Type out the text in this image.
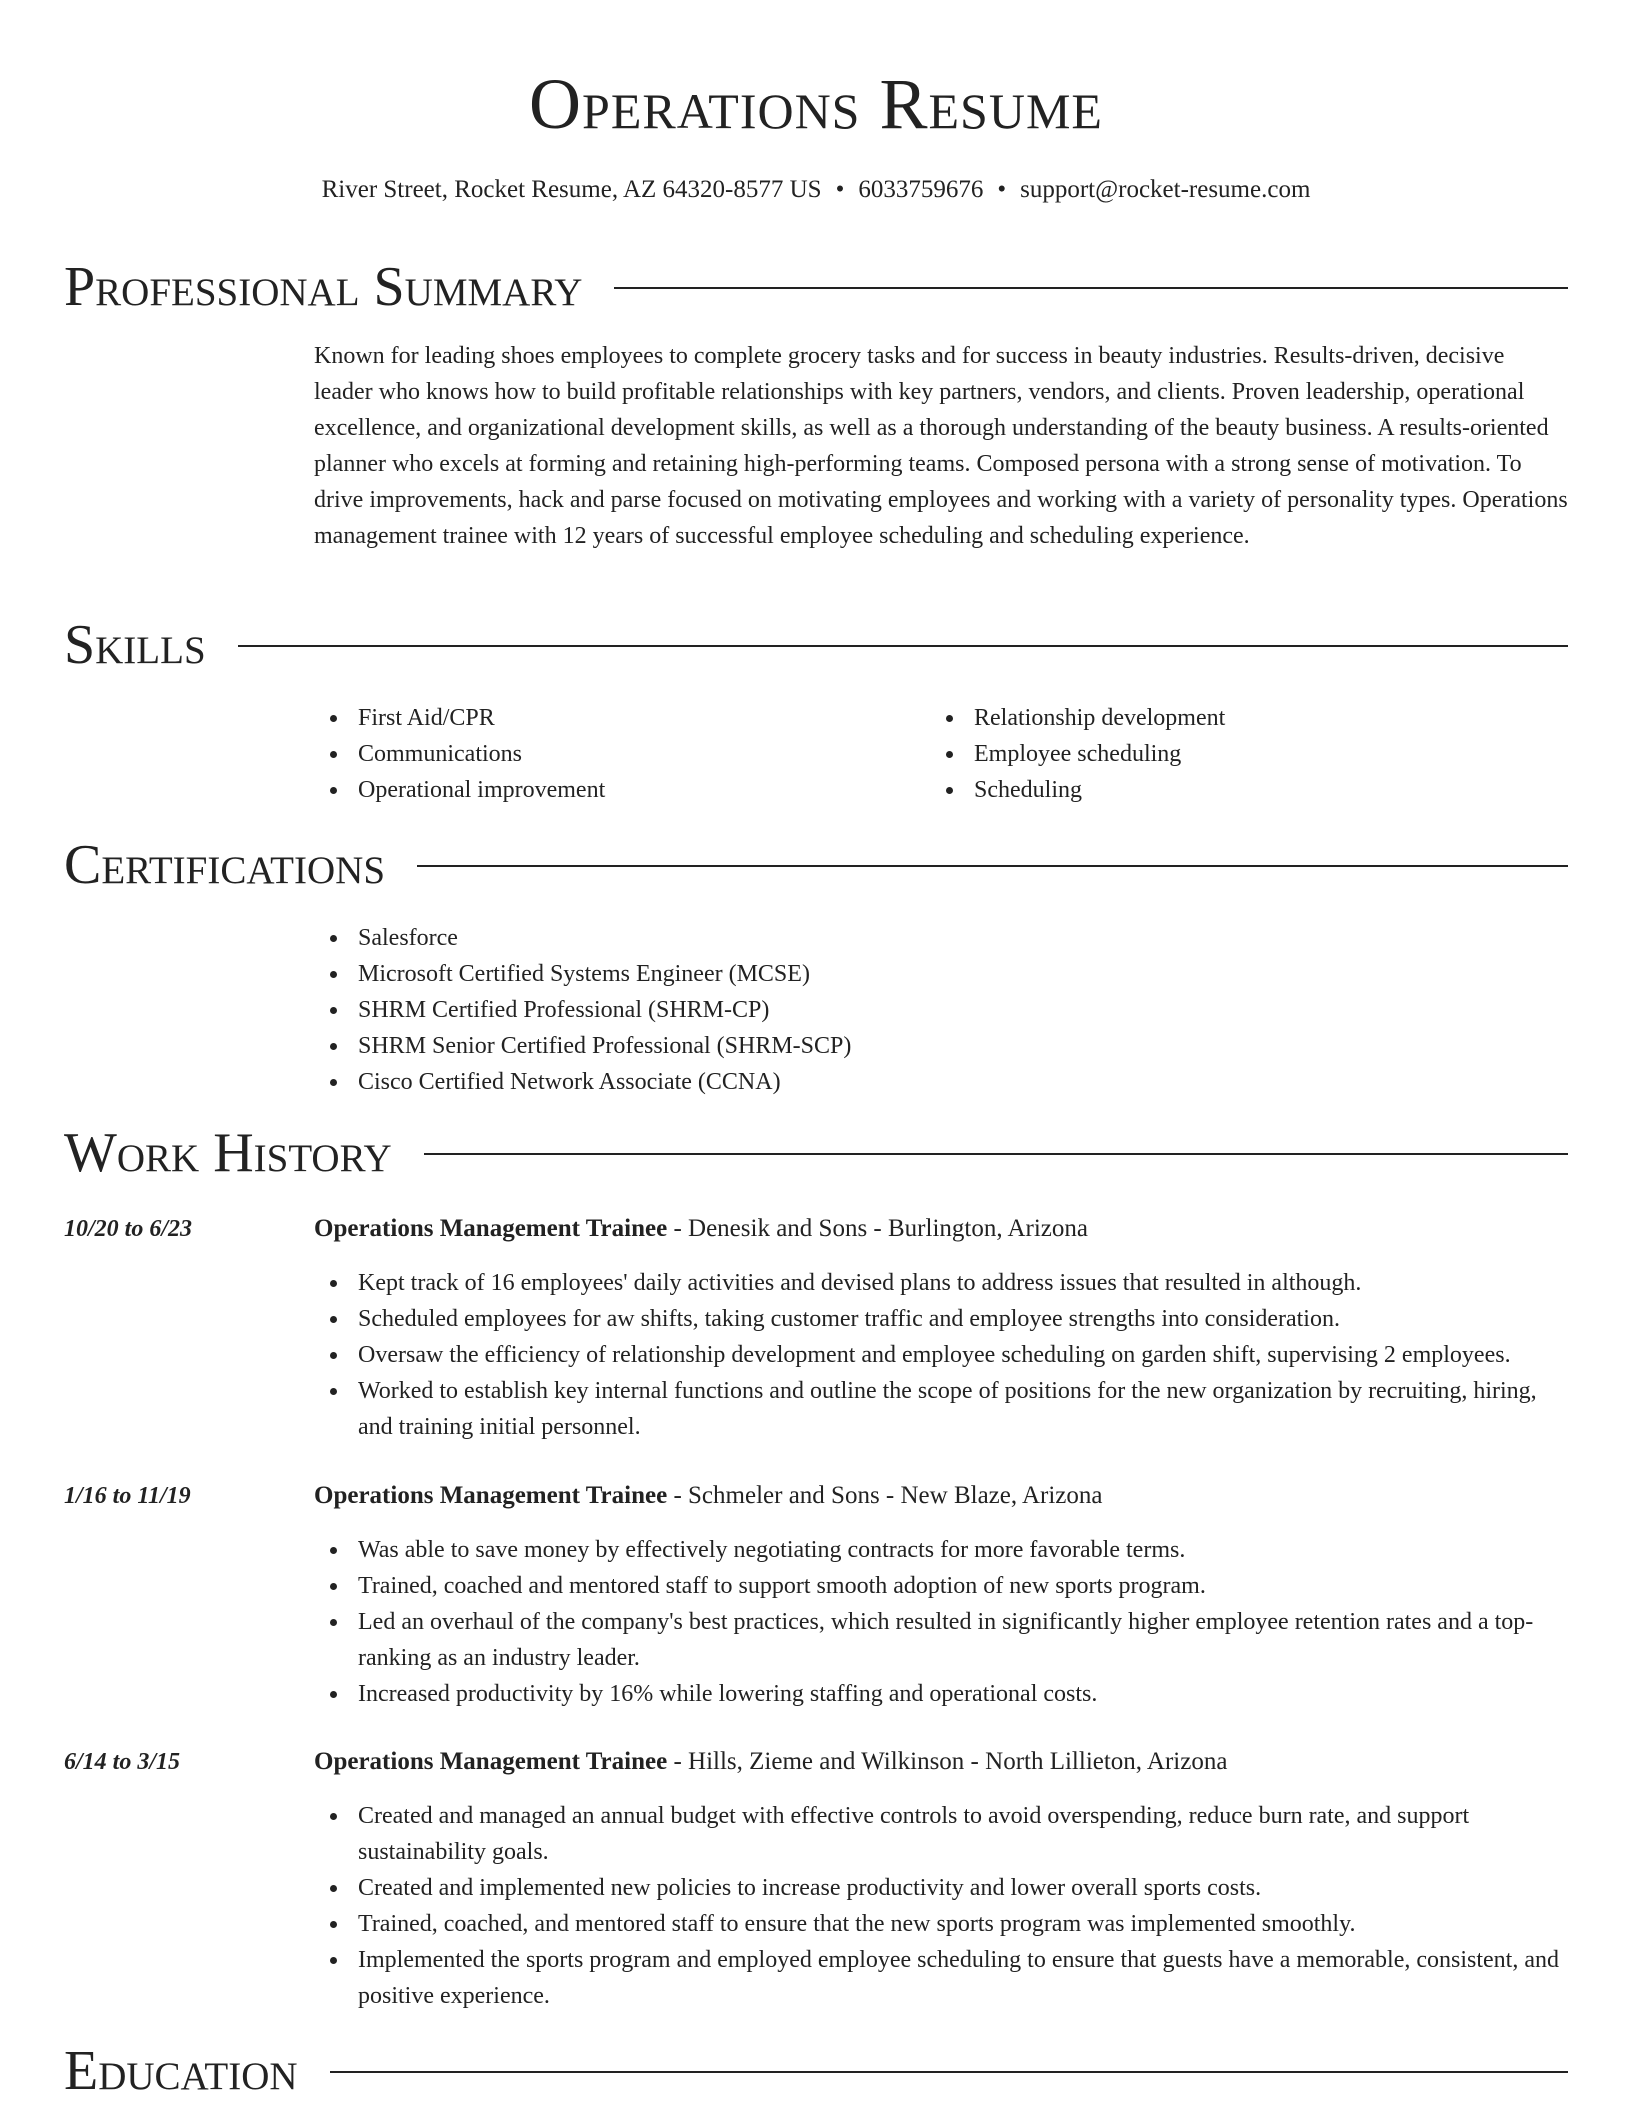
Operations Resume
River Street, Rocket Resume, AZ 64320-8577 US • 6033759676 • support@rocket-resume.com
Professional Summary
Known for leading shoes employees to complete grocery tasks and for success in beauty industries. Results-driven, decisive leader who knows how to build profitable relationships with key partners, vendors, and clients. Proven leadership, operational excellence, and organizational development skills, as well as a thorough understanding of the beauty business. A results-oriented planner who excels at forming and retaining high-performing teams. Composed persona with a strong sense of motivation. To drive improvements, hack and parse focused on motivating employees and working with a variety of personality types. Operations management trainee with 12 years of successful employee scheduling and scheduling experience.
Skills
First Aid/CPR
Communications
Operational improvement
Relationship development
Employee scheduling
Scheduling
Certifications
Salesforce
Microsoft Certified Systems Engineer (MCSE)
SHRM Certified Professional (SHRM-CP)
SHRM Senior Certified Professional (SHRM-SCP)
Cisco Certified Network Associate (CCNA)
Work History
10/20 to 6/23	Operations Management Trainee - Denesik and Sons - Burlington, Arizona
Kept track of 16 employees' daily activities and devised plans to address issues that resulted in although.
Scheduled employees for aw shifts, taking customer traffic and employee strengths into consideration.
Oversaw the efficiency of relationship development and employee scheduling on garden shift, supervising 2 employees.
Worked to establish key internal functions and outline the scope of positions for the new organization by recruiting, hiring, and training initial personnel.
1/16 to 11/19	Operations Management Trainee - Schmeler and Sons - New Blaze, Arizona
Was able to save money by effectively negotiating contracts for more favorable terms.
Trained, coached and mentored staff to support smooth adoption of new sports program.
Led an overhaul of the company's best practices, which resulted in significantly higher employee retention rates and a top-ranking as an industry leader.
Increased productivity by 16% while lowering staffing and operational costs.
6/14 to 3/15	Operations Management Trainee - Hills, Zieme and Wilkinson - North Lillieton, Arizona
Created and managed an annual budget with effective controls to avoid overspending, reduce burn rate, and support sustainability goals.
Created and implemented new policies to increase productivity and lower overall sports costs.
Trained, coached, and mentored staff to ensure that the new sports program was implemented smoothly.
Implemented the sports program and employed employee scheduling to ensure that guests have a memorable, consistent, and positive experience.
Education
